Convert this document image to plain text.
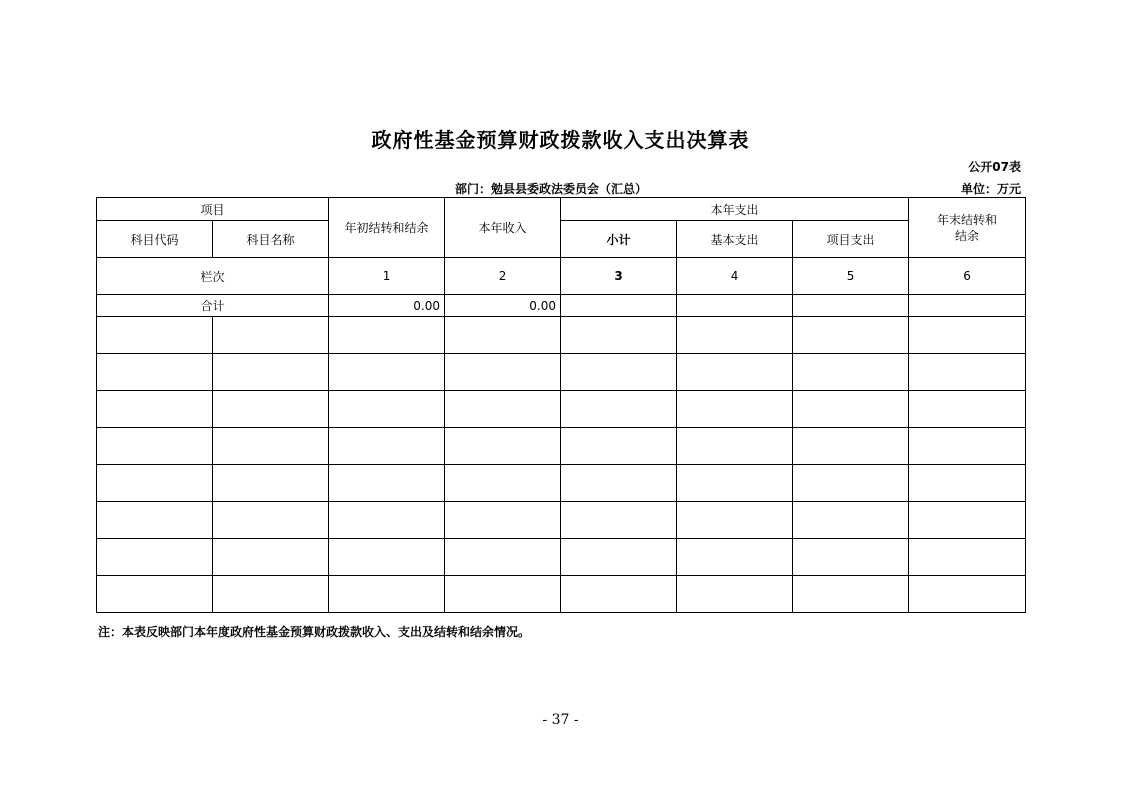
政府性基金预算财政拨款收入支出决算表
公开07表
部门：勉县县委政法委员会（汇总）	单位：万元
项目		年初结转和结余	本年收入	本年支出			年末结转和结余

科目代码	科目名称			小计	基本支出	项目支出	
栏次		1	2	3	4	5	6
合计		0.00	0.00				

注：本表反映部门本年度政府性基金预算财政拨款收入、支出及结转和结余情况。
- 37 -
